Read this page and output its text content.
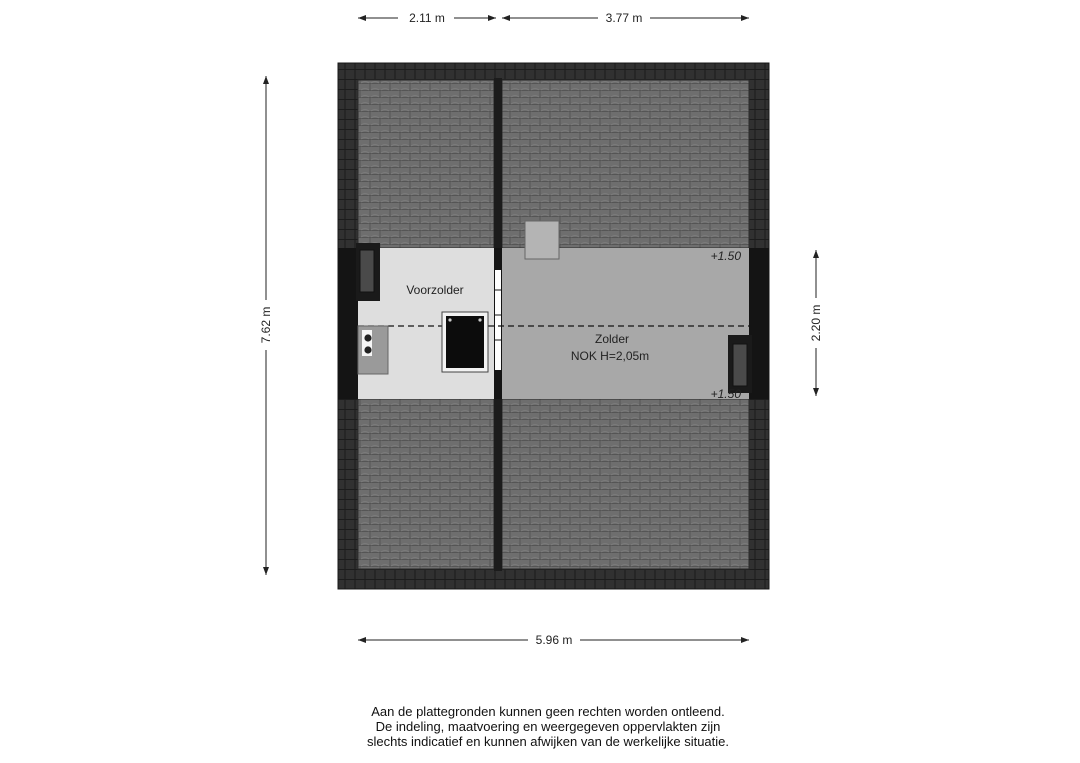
2.11 m	3.77 m
7.62 m	2.20 m
5.96 m
Voorzolder
Zolder
NOK H=2,05m
+1.50
+1.50
Aan de plattegronden kunnen geen rechten worden ontleend.
De indeling, maatvoering en weergegeven oppervlakten zijn
slechts indicatief en kunnen afwijken van de werkelijke situatie.
